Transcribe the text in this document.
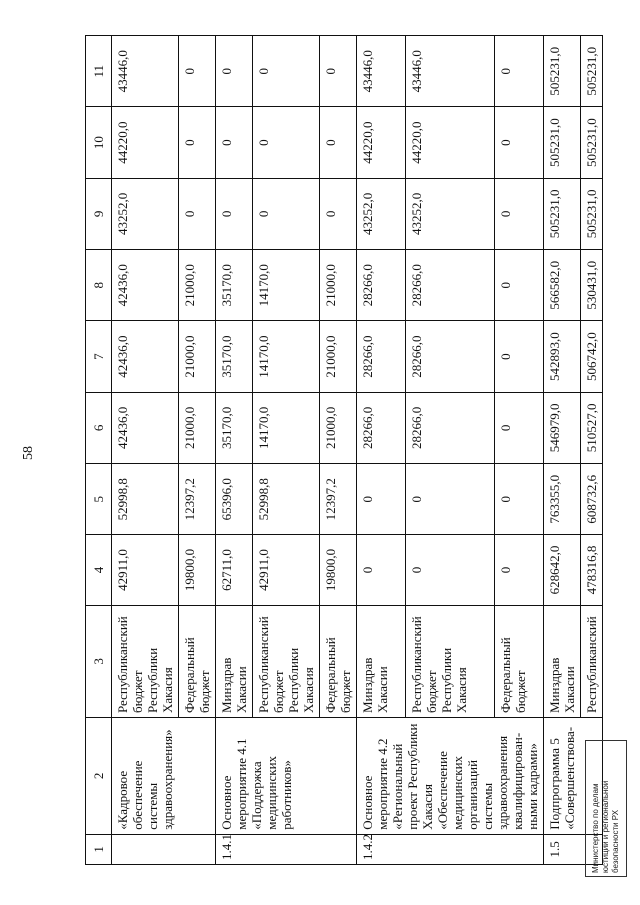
58
1	2	3	4	5	6	7	8	9	10	11
	«Кадровое обеспечение системы здравоохранения»	Республиканский бюджет Республики Хакасия	42911,0	52998,8	42436,0	42436,0	42436,0	43252,0	44220,0	43446,0
		Федеральный бюджет	19800,0	12397,2	21000,0	21000,0	21000,0	0	0	0
1.4.1	Основное мероприятие 4.1 «Поддержка медицинских работников»	Минздрав Хакасии	62711,0	65396,0	35170,0	35170,0	35170,0	0	0	0
		Республиканский бюджет Республики Хакасия	42911,0	52998,8	14170,0	14170,0	14170,0	0	0	0
		Федеральный бюджет	19800,0	12397,2	21000,0	21000,0	21000,0	0	0	0
1.4.2	Основное мероприятие 4.2 «Региональный проект Республики Хакасия «Обеспечение медицинских организаций системы здравоохранения квалифицирован-ными кадрами»	Минздрав Хакасии	0	0	28266,0	28266,0	28266,0	43252,0	44220,0	43446,0
		Республиканский бюджет Республики Хакасия	0	0	28266,0	28266,0	28266,0	43252,0	44220,0	43446,0
		Федеральный бюджет	0	0	0	0	0	0	0	0
1.5	Подпрограмма 5 «Совершенствова-	Минздрав Хакасии	628642,0	763355,0	546979,0	542893,0	566582,0	505231,0	505231,0	505231,0
		Республиканский	478316,8	608732,6	510527,0	506742,0	530431,0	505231,0	505231,0	505231,0
Министерство по делам юстиции и региональной безопасности РХ
